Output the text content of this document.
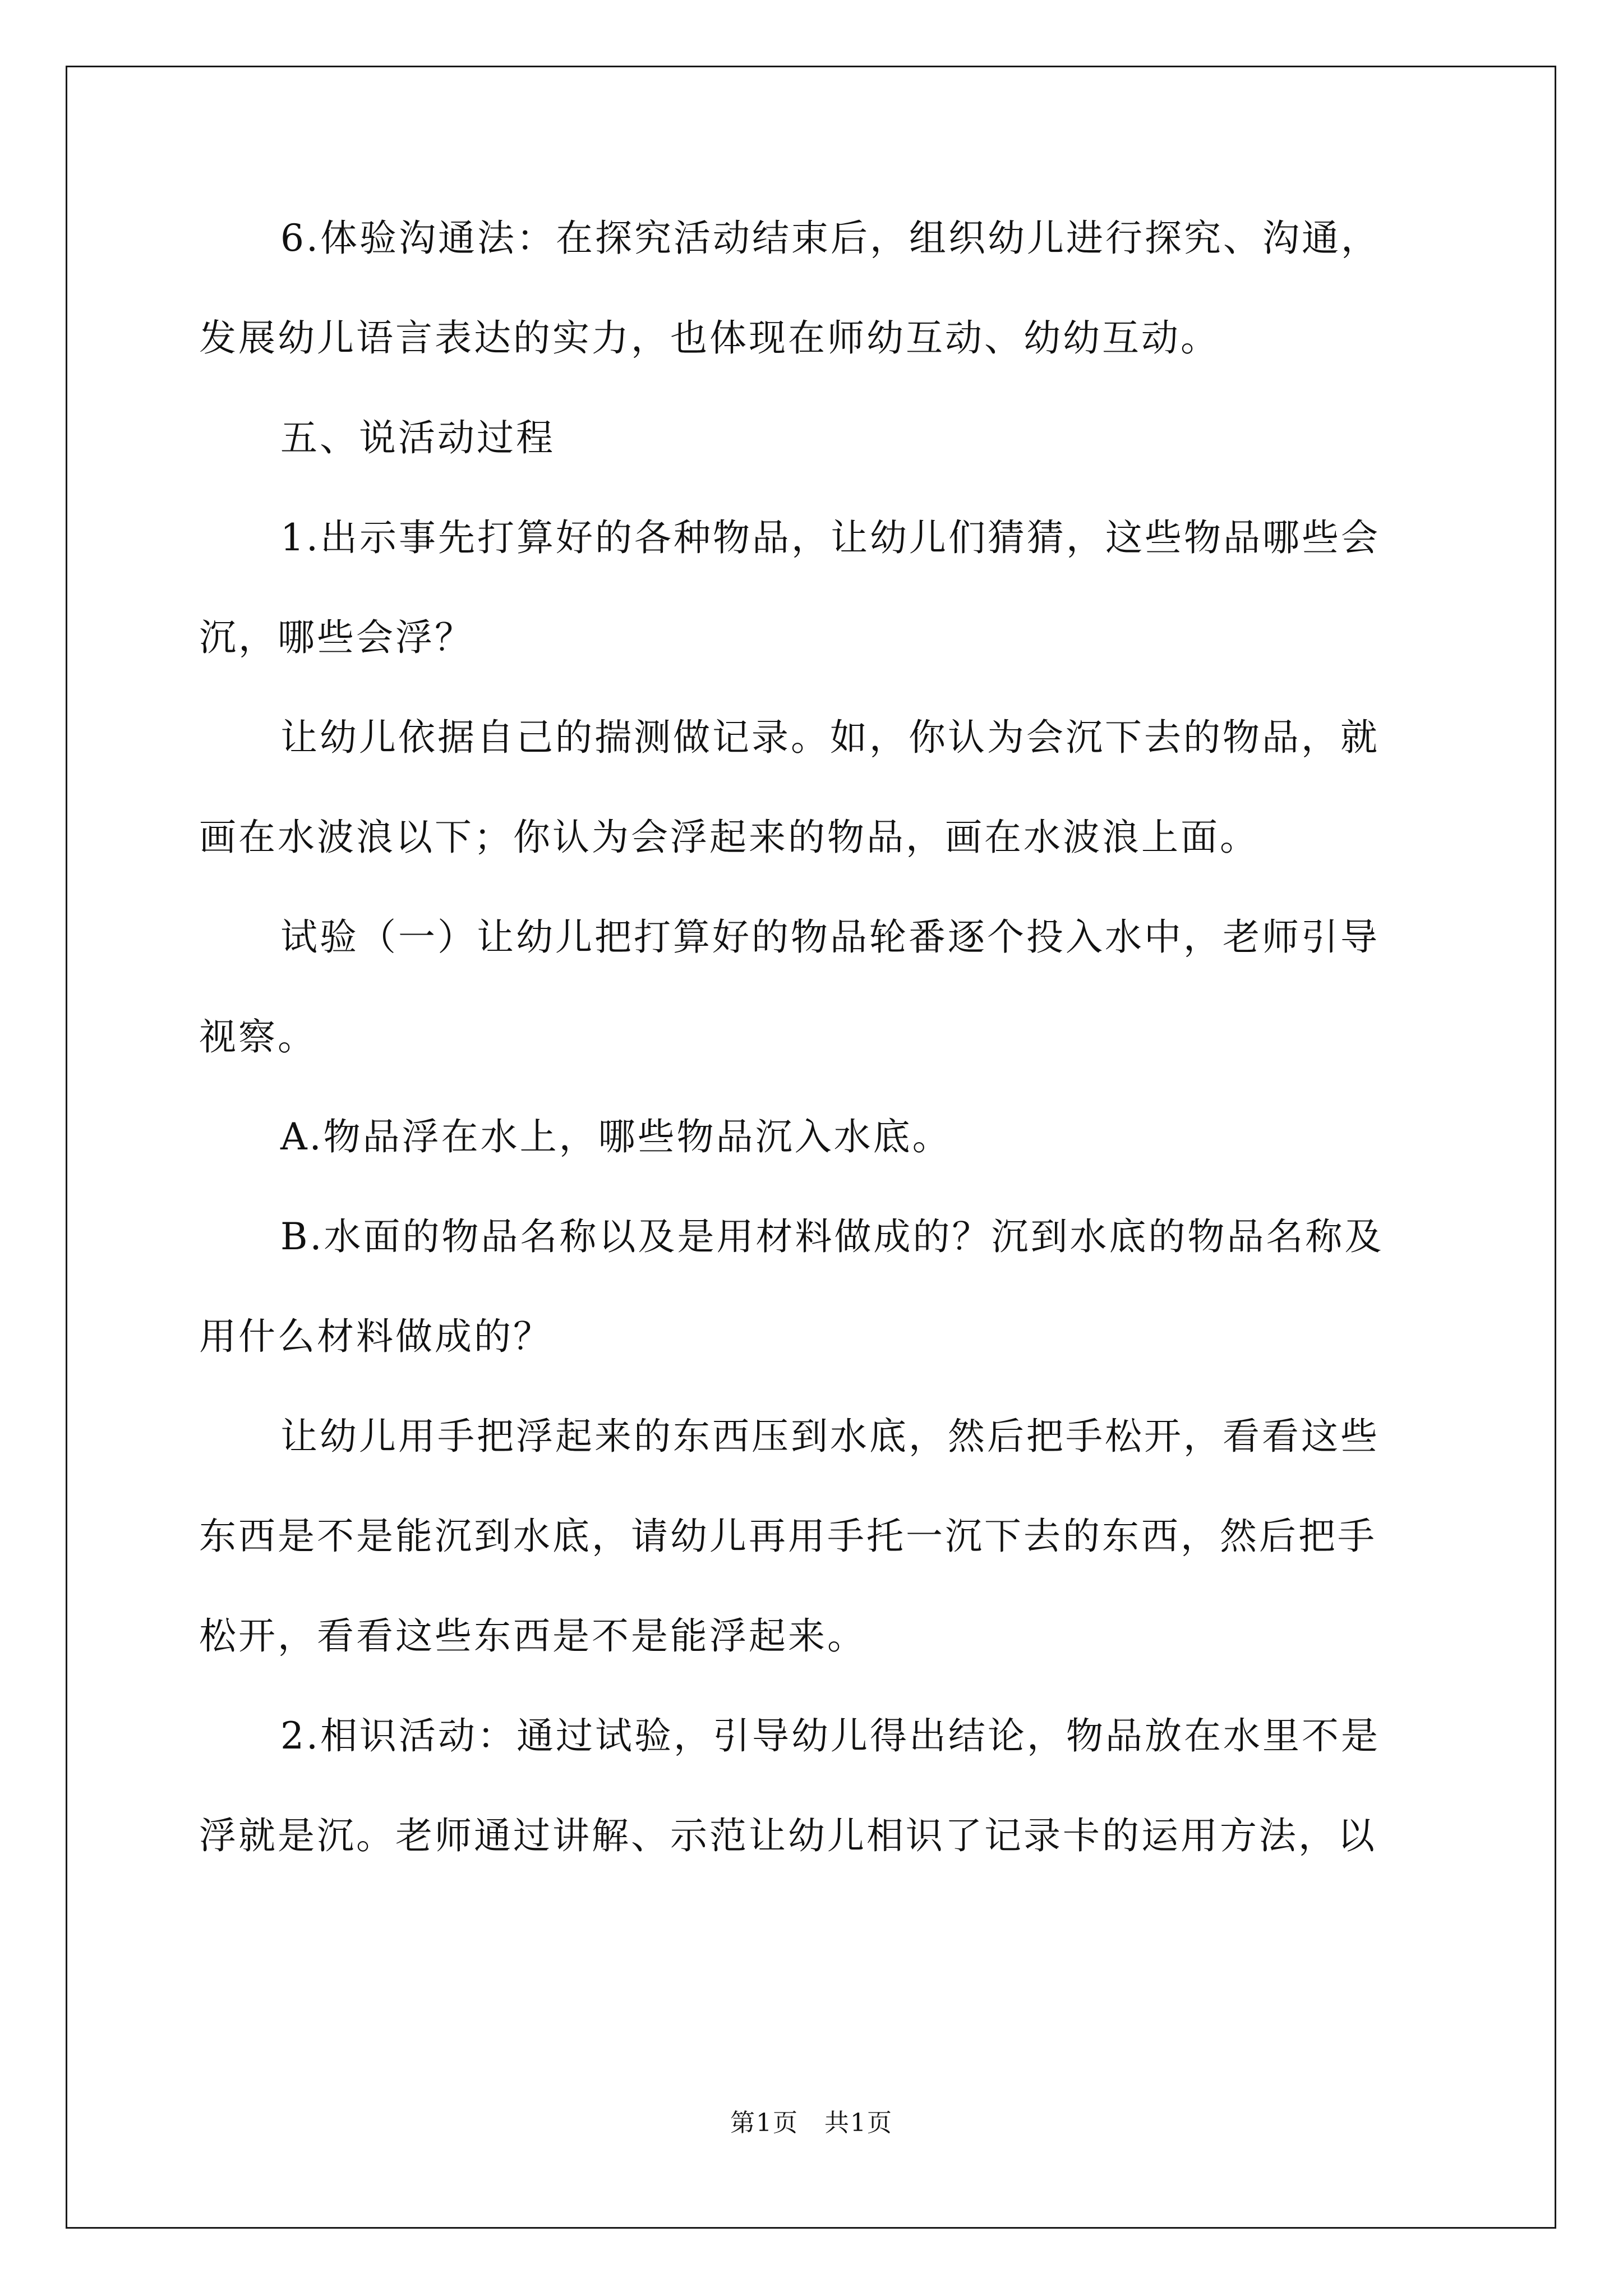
6.体验沟通法：在探究活动结束后，组织幼儿进行探究、沟通，
发展幼儿语言表达的实力，也体现在师幼互动、幼幼互动。
五、说活动过程
1.出示事先打算好的各种物品，让幼儿们猜猜，这些物品哪些会
沉，哪些会浮？
让幼儿依据自己的揣测做记录。如，你认为会沉下去的物品，就
画在水波浪以下；你认为会浮起来的物品，画在水波浪上面。
试验（一）让幼儿把打算好的物品轮番逐个投入水中，老师引导
视察。
A.物品浮在水上，哪些物品沉入水底。
B.水面的物品名称以及是用材料做成的？沉到水底的物品名称及
用什么材料做成的？
让幼儿用手把浮起来的东西压到水底，然后把手松开，看看这些
东西是不是能沉到水底，请幼儿再用手托一沉下去的东西，然后把手
松开，看看这些东西是不是能浮起来。
2.相识活动：通过试验，引导幼儿得出结论，物品放在水里不是
浮就是沉。老师通过讲解、示范让幼儿相识了记录卡的运用方法，以
第1页　共1页
